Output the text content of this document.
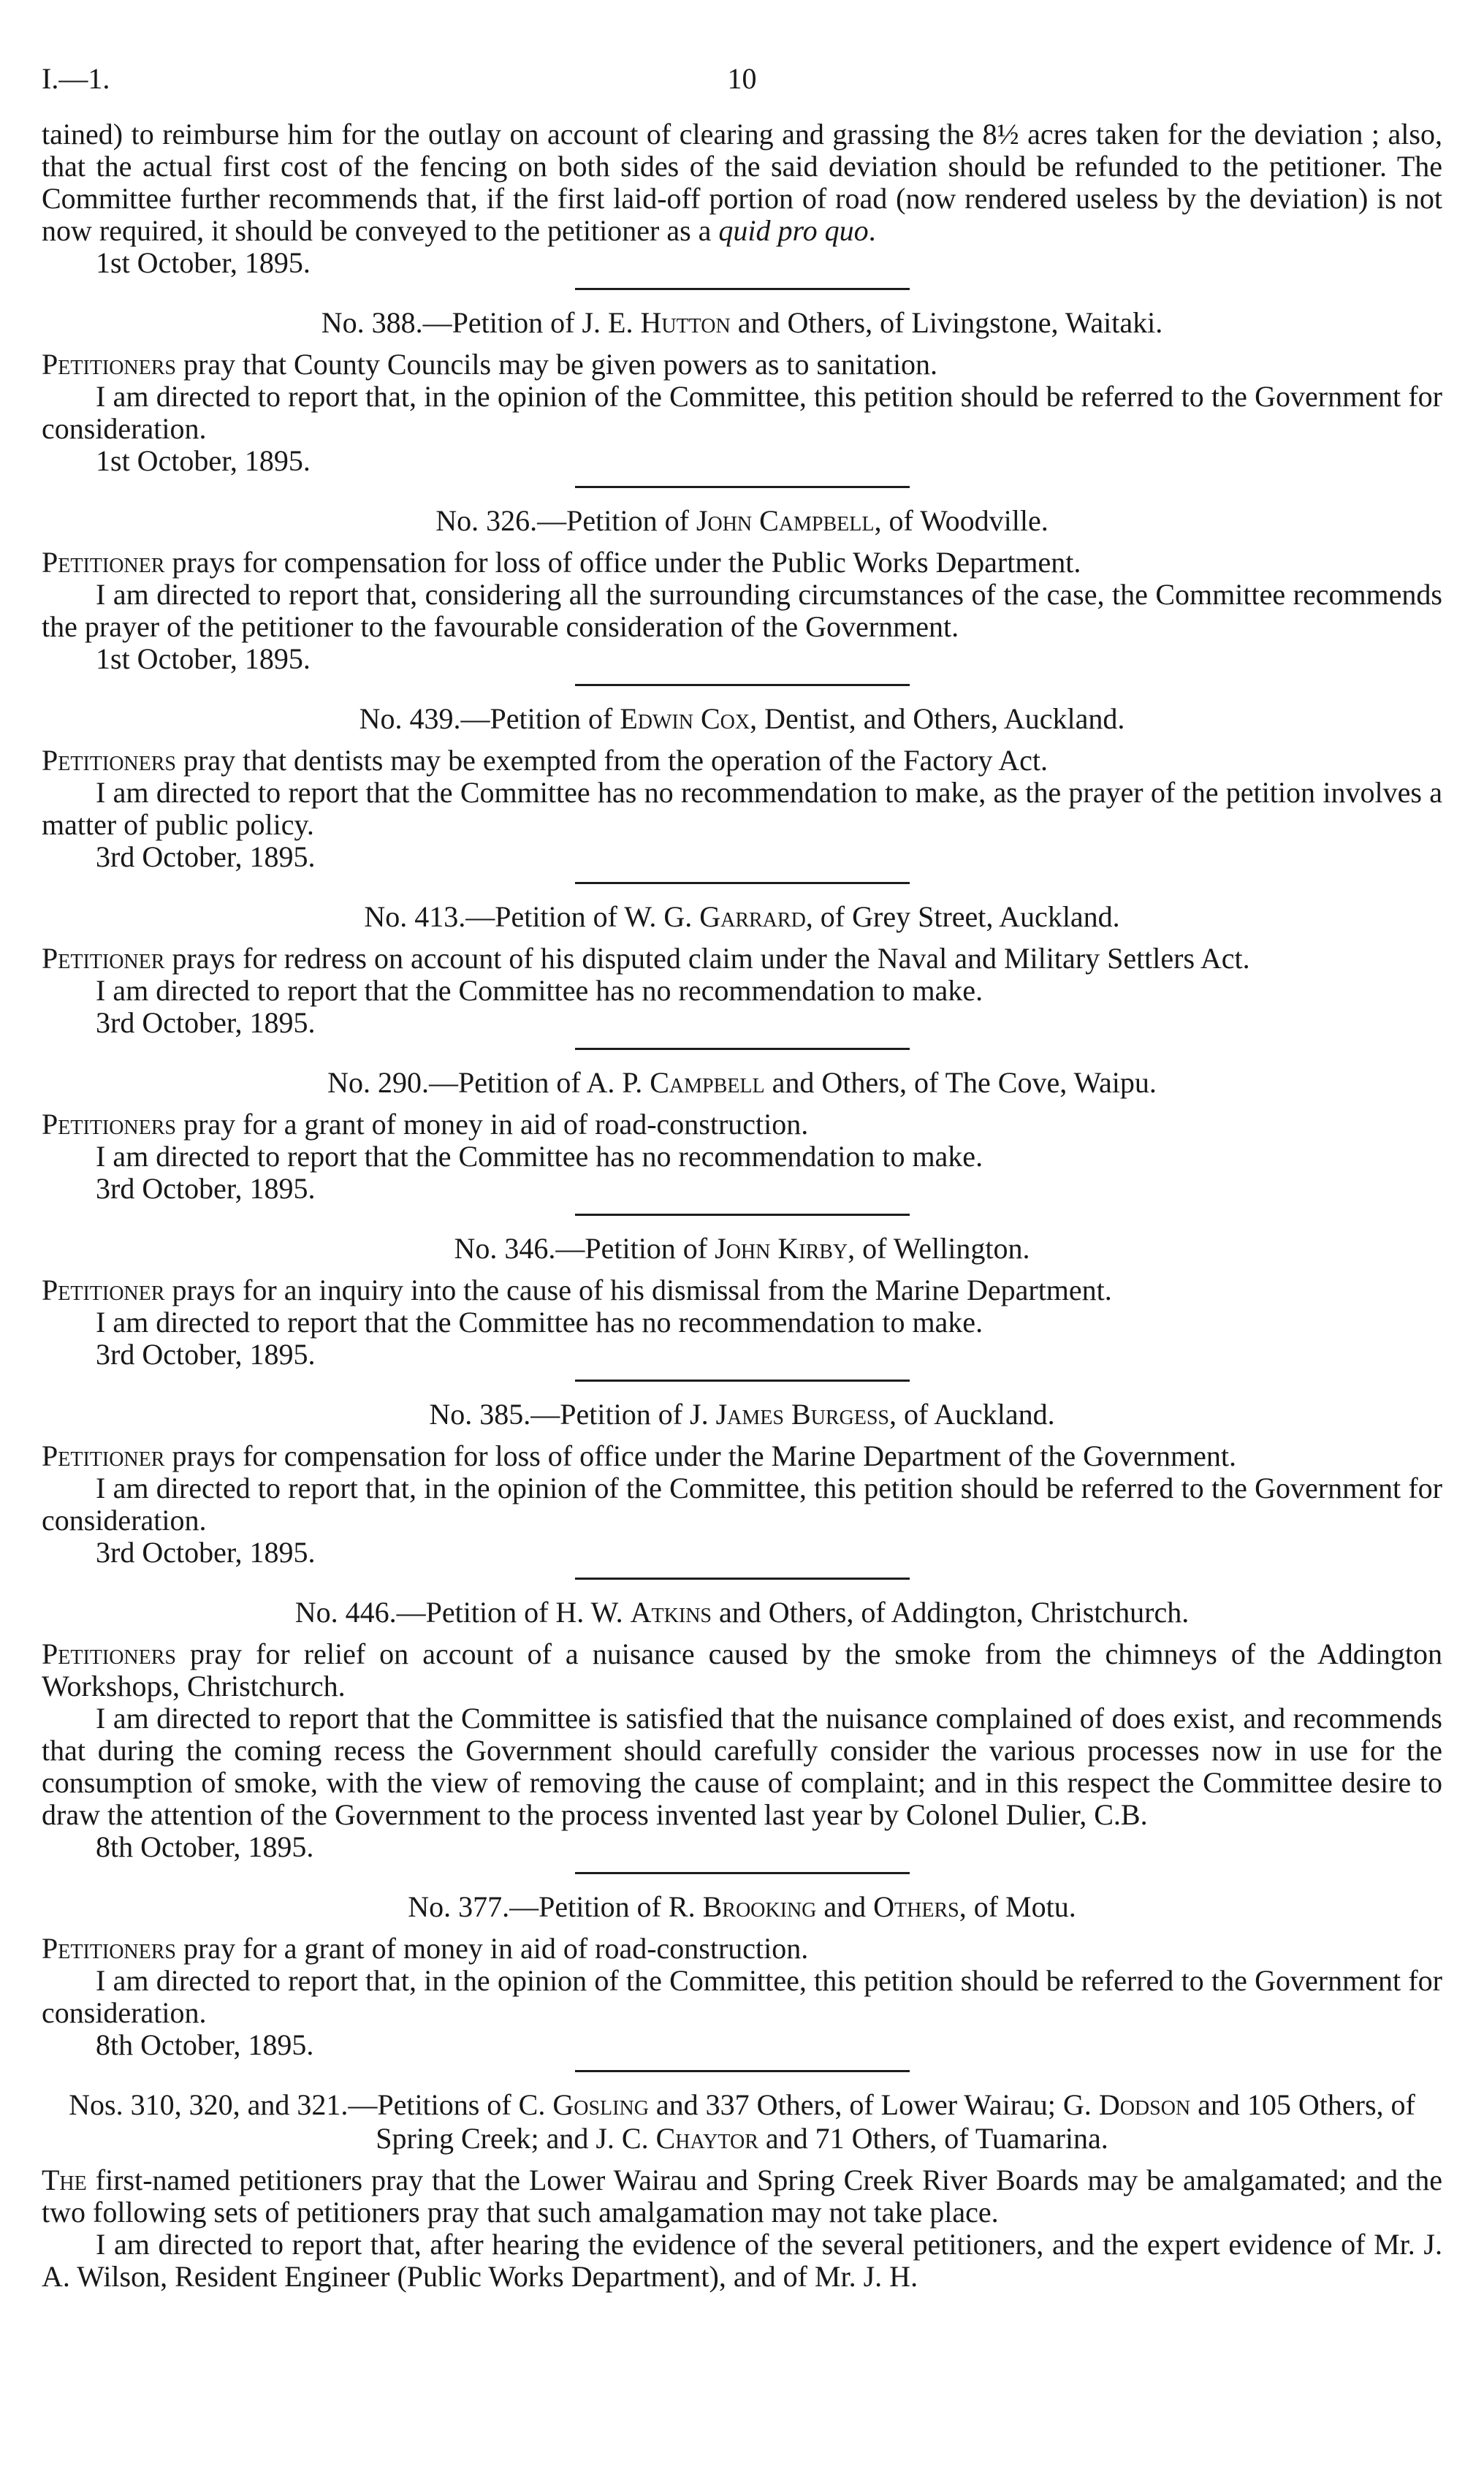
I.—1.	10

tained) to reimburse him for the outlay on account of clearing and grassing the 8½ acres taken for the deviation ; also, that the actual first cost of the fencing on both sides of the said deviation should be refunded to the petitioner. The Committee further recommends that, if the first laid-off portion of road (now rendered useless by the deviation) is not now required, it should be conveyed to the petitioner as a quid pro quo.

1st October, 1895.

No. 388.—Petition of J. E. Hutton and Others, of Livingstone, Waitaki.

Petitioners pray that County Councils may be given powers as to sanitation.

I am directed to report that, in the opinion of the Committee, this petition should be referred to the Government for consideration.

1st October, 1895.

No. 326.—Petition of John Campbell, of Woodville.

Petitioner prays for compensation for loss of office under the Public Works Department.

I am directed to report that, considering all the surrounding circumstances of the case, the Committee recommends the prayer of the petitioner to the favourable consideration of the Government.

1st October, 1895.

No. 439.—Petition of Edwin Cox, Dentist, and Others, Auckland.

Petitioners pray that dentists may be exempted from the operation of the Factory Act.

I am directed to report that the Committee has no recommendation to make, as the prayer of the petition involves a matter of public policy.

3rd October, 1895.

No. 413.—Petition of W. G. Garrard, of Grey Street, Auckland.

Petitioner prays for redress on account of his disputed claim under the Naval and Military Settlers Act.

I am directed to report that the Committee has no recommendation to make.

3rd October, 1895.

No. 290.—Petition of A. P. Campbell and Others, of The Cove, Waipu.

Petitioners pray for a grant of money in aid of road-construction.

I am directed to report that the Committee has no recommendation to make.

3rd October, 1895.

No. 346.—Petition of John Kirby, of Wellington.

Petitioner prays for an inquiry into the cause of his dismissal from the Marine Department.

I am directed to report that the Committee has no recommendation to make.

3rd October, 1895.

No. 385.—Petition of J. James Burgess, of Auckland.

Petitioner prays for compensation for loss of office under the Marine Department of the Government.

I am directed to report that, in the opinion of the Committee, this petition should be referred to the Government for consideration.

3rd October, 1895.

No. 446.—Petition of H. W. Atkins and Others, of Addington, Christchurch.

Petitioners pray for relief on account of a nuisance caused by the smoke from the chimneys of the Addington Workshops, Christchurch.

I am directed to report that the Committee is satisfied that the nuisance complained of does exist, and recommends that during the coming recess the Government should carefully consider the various processes now in use for the consumption of smoke, with the view of removing the cause of complaint; and in this respect the Committee desire to draw the attention of the Government to the process invented last year by Colonel Dulier, C.B.

8th October, 1895.

No. 377.—Petition of R. Brooking and Others, of Motu.

Petitioners pray for a grant of money in aid of road-construction.

I am directed to report that, in the opinion of the Committee, this petition should be referred to the Government for consideration.

8th October, 1895.

Nos. 310, 320, and 321.—Petitions of C. Gosling and 337 Others, of Lower Wairau; G. Dodson and 105 Others, of Spring Creek; and J. C. Chaytor and 71 Others, of Tuamarina.

The first-named petitioners pray that the Lower Wairau and Spring Creek River Boards may be amalgamated; and the two following sets of petitioners pray that such amalgamation may not take place.

I am directed to report that, after hearing the evidence of the several petitioners, and the expert evidence of Mr. J. A. Wilson, Resident Engineer (Public Works Department), and of Mr. J. H.
